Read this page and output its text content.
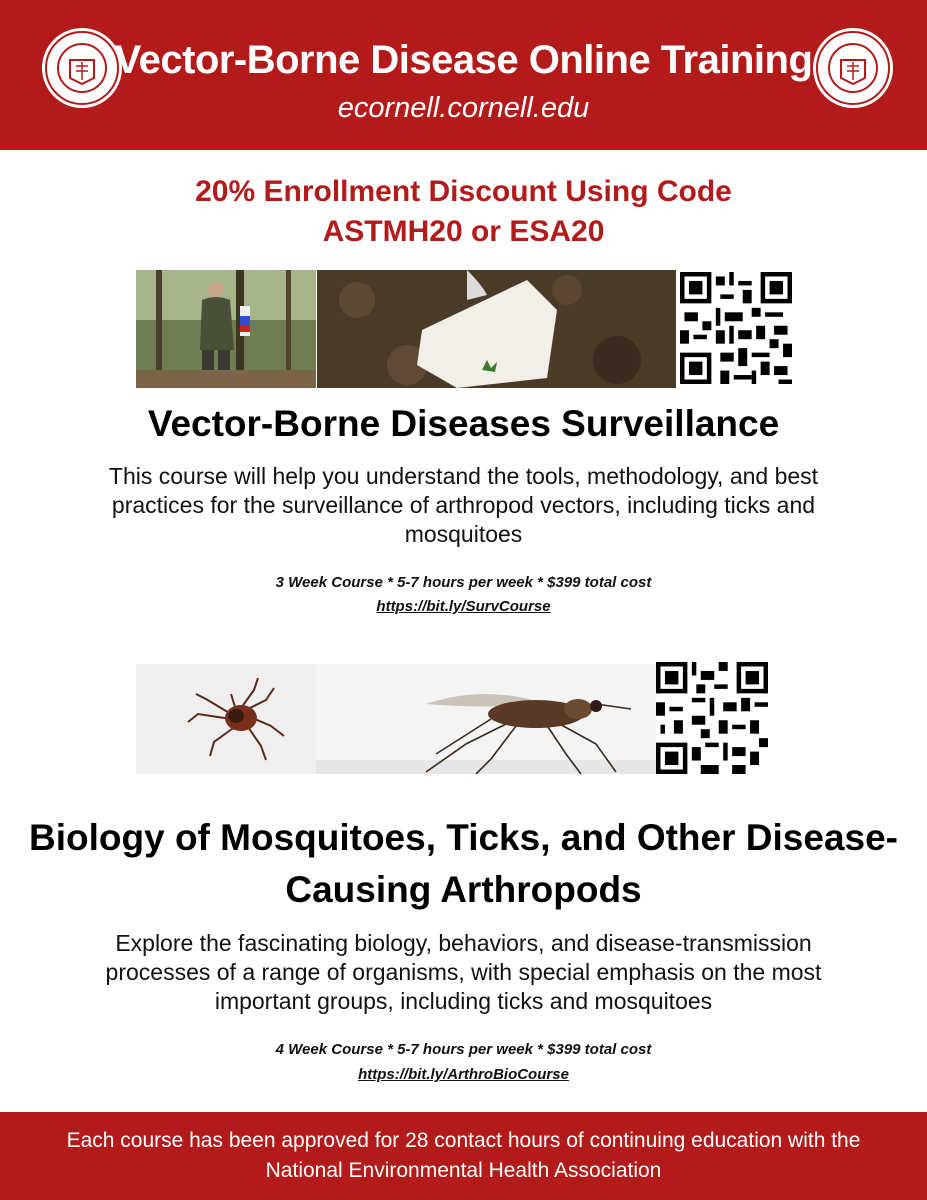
Vector-Borne Disease Online Training
ecornell.cornell.edu
20% Enrollment Discount Using Code
ASTMH20 or ESA20
Vector-Borne Diseases Surveillance
This course will help you understand the tools, methodology, and best practices for the surveillance of arthropod vectors, including ticks and mosquitoes
3 Week Course * 5-7 hours per week * $399 total cost
https://bit.ly/SurvCourse
Biology of Mosquitoes, Ticks, and Other Disease-
Causing Arthropods
Explore the fascinating biology, behaviors, and disease-transmission processes of a range of organisms, with special emphasis on the most important groups, including ticks and mosquitoes
4 Week Course * 5-7 hours per week * $399 total cost
https://bit.ly/ArthroBioCourse
Each course has been approved for 28 contact hours of continuing education with the National Environmental Health Association
